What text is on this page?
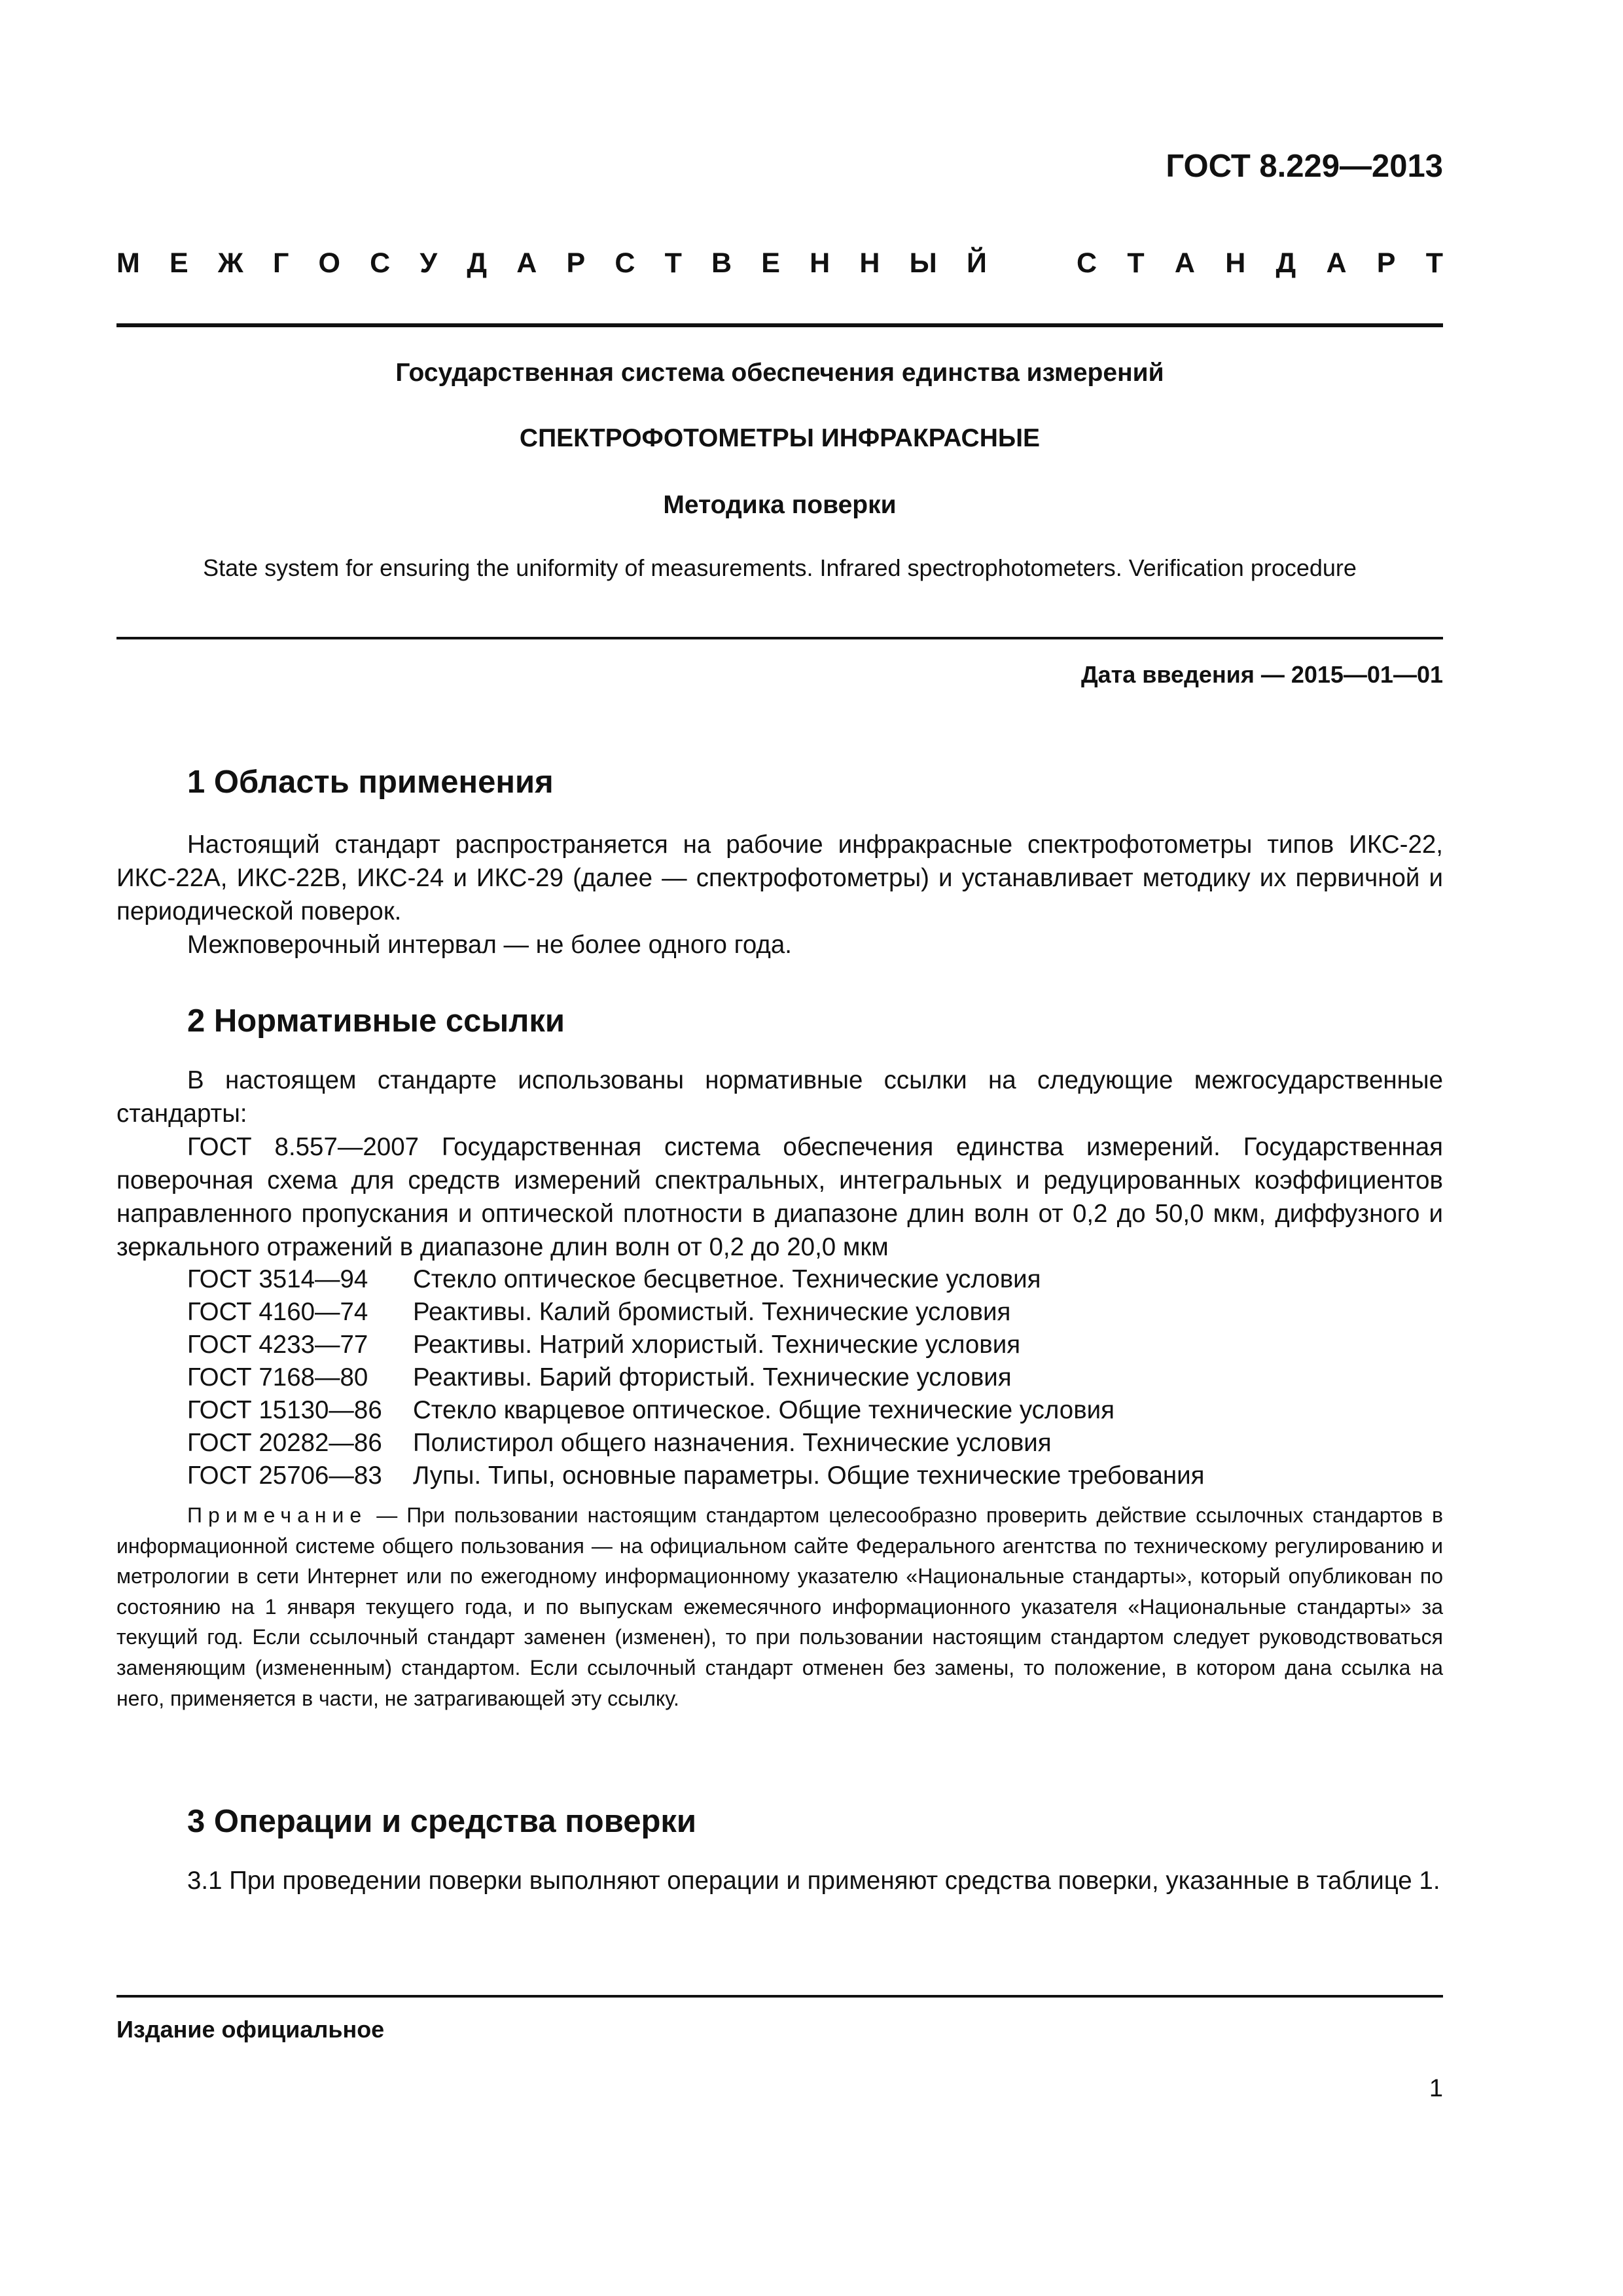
ГОСТ 8.229—2013

М Е Ж Г О С У Д А Р С Т В Е Н Н Ы Й	С Т А Н Д А Р Т

Государственная система обеспечения единства измерений

СПЕКТРОФОТОМЕТРЫ ИНФРАКРАСНЫЕ

Методика поверки

State system for ensuring the uniformity of measurements. Infrared spectrophotometers. Verification procedure

Дата введения — 2015—01—01

1 Область применения

Настоящий стандарт распространяется на рабочие инфракрасные спектрофотометры типов ИКС-22, ИКС-22А, ИКС-22В, ИКС-24 и ИКС-29 (далее — спектрофотометры) и устанавливает методику их первичной и периодической поверок.

Межповерочный интервал — не более одного года.

2 Нормативные ссылки

В настоящем стандарте использованы нормативные ссылки на следующие межгосударственные стандарты:

ГОСТ 8.557—2007 Государственная система обеспечения единства измерений. Государственная поверочная схема для средств измерений спектральных, интегральных и редуцированных коэффициентов направленного пропускания и оптической плотности в диапазоне длин волн от 0,2 до 50,0 мкм, диффузного и зеркального отражений в диапазоне длин волн от 0,2 до 20,0 мкм

ГОСТ 3514—94	Стекло оптическое бесцветное. Технические условия
ГОСТ 4160—74	Реактивы. Калий бромистый. Технические условия
ГОСТ 4233—77	Реактивы. Натрий хлористый. Технические условия
ГОСТ 7168—80	Реактивы. Барий фтористый. Технические условия
ГОСТ 15130—86	Стекло кварцевое оптическое. Общие технические условия
ГОСТ 20282—86	Полистирол общего назначения. Технические условия
ГОСТ 25706—83	Лупы. Типы, основные параметры. Общие технические требования

Примечание — При пользовании настоящим стандартом целесообразно проверить действие ссылочных стандартов в информационной системе общего пользования — на официальном сайте Федерального агентства по техническому регулированию и метрологии в сети Интернет или по ежегодному информационному указателю «Национальные стандарты», который опубликован по состоянию на 1 января текущего года, и по выпускам ежемесячного информационного указателя «Национальные стандарты» за текущий год. Если ссылочный стандарт заменен (изменен), то при пользовании настоящим стандартом следует руководствоваться заменяющим (измененным) стандартом. Если ссылочный стандарт отменен без замены, то положение, в котором дана ссылка на него, применяется в части, не затрагивающей эту ссылку.

3 Операции и средства поверки

3.1 При проведении поверки выполняют операции и применяют средства поверки, указанные в таблице 1.

Издание официальное

1
